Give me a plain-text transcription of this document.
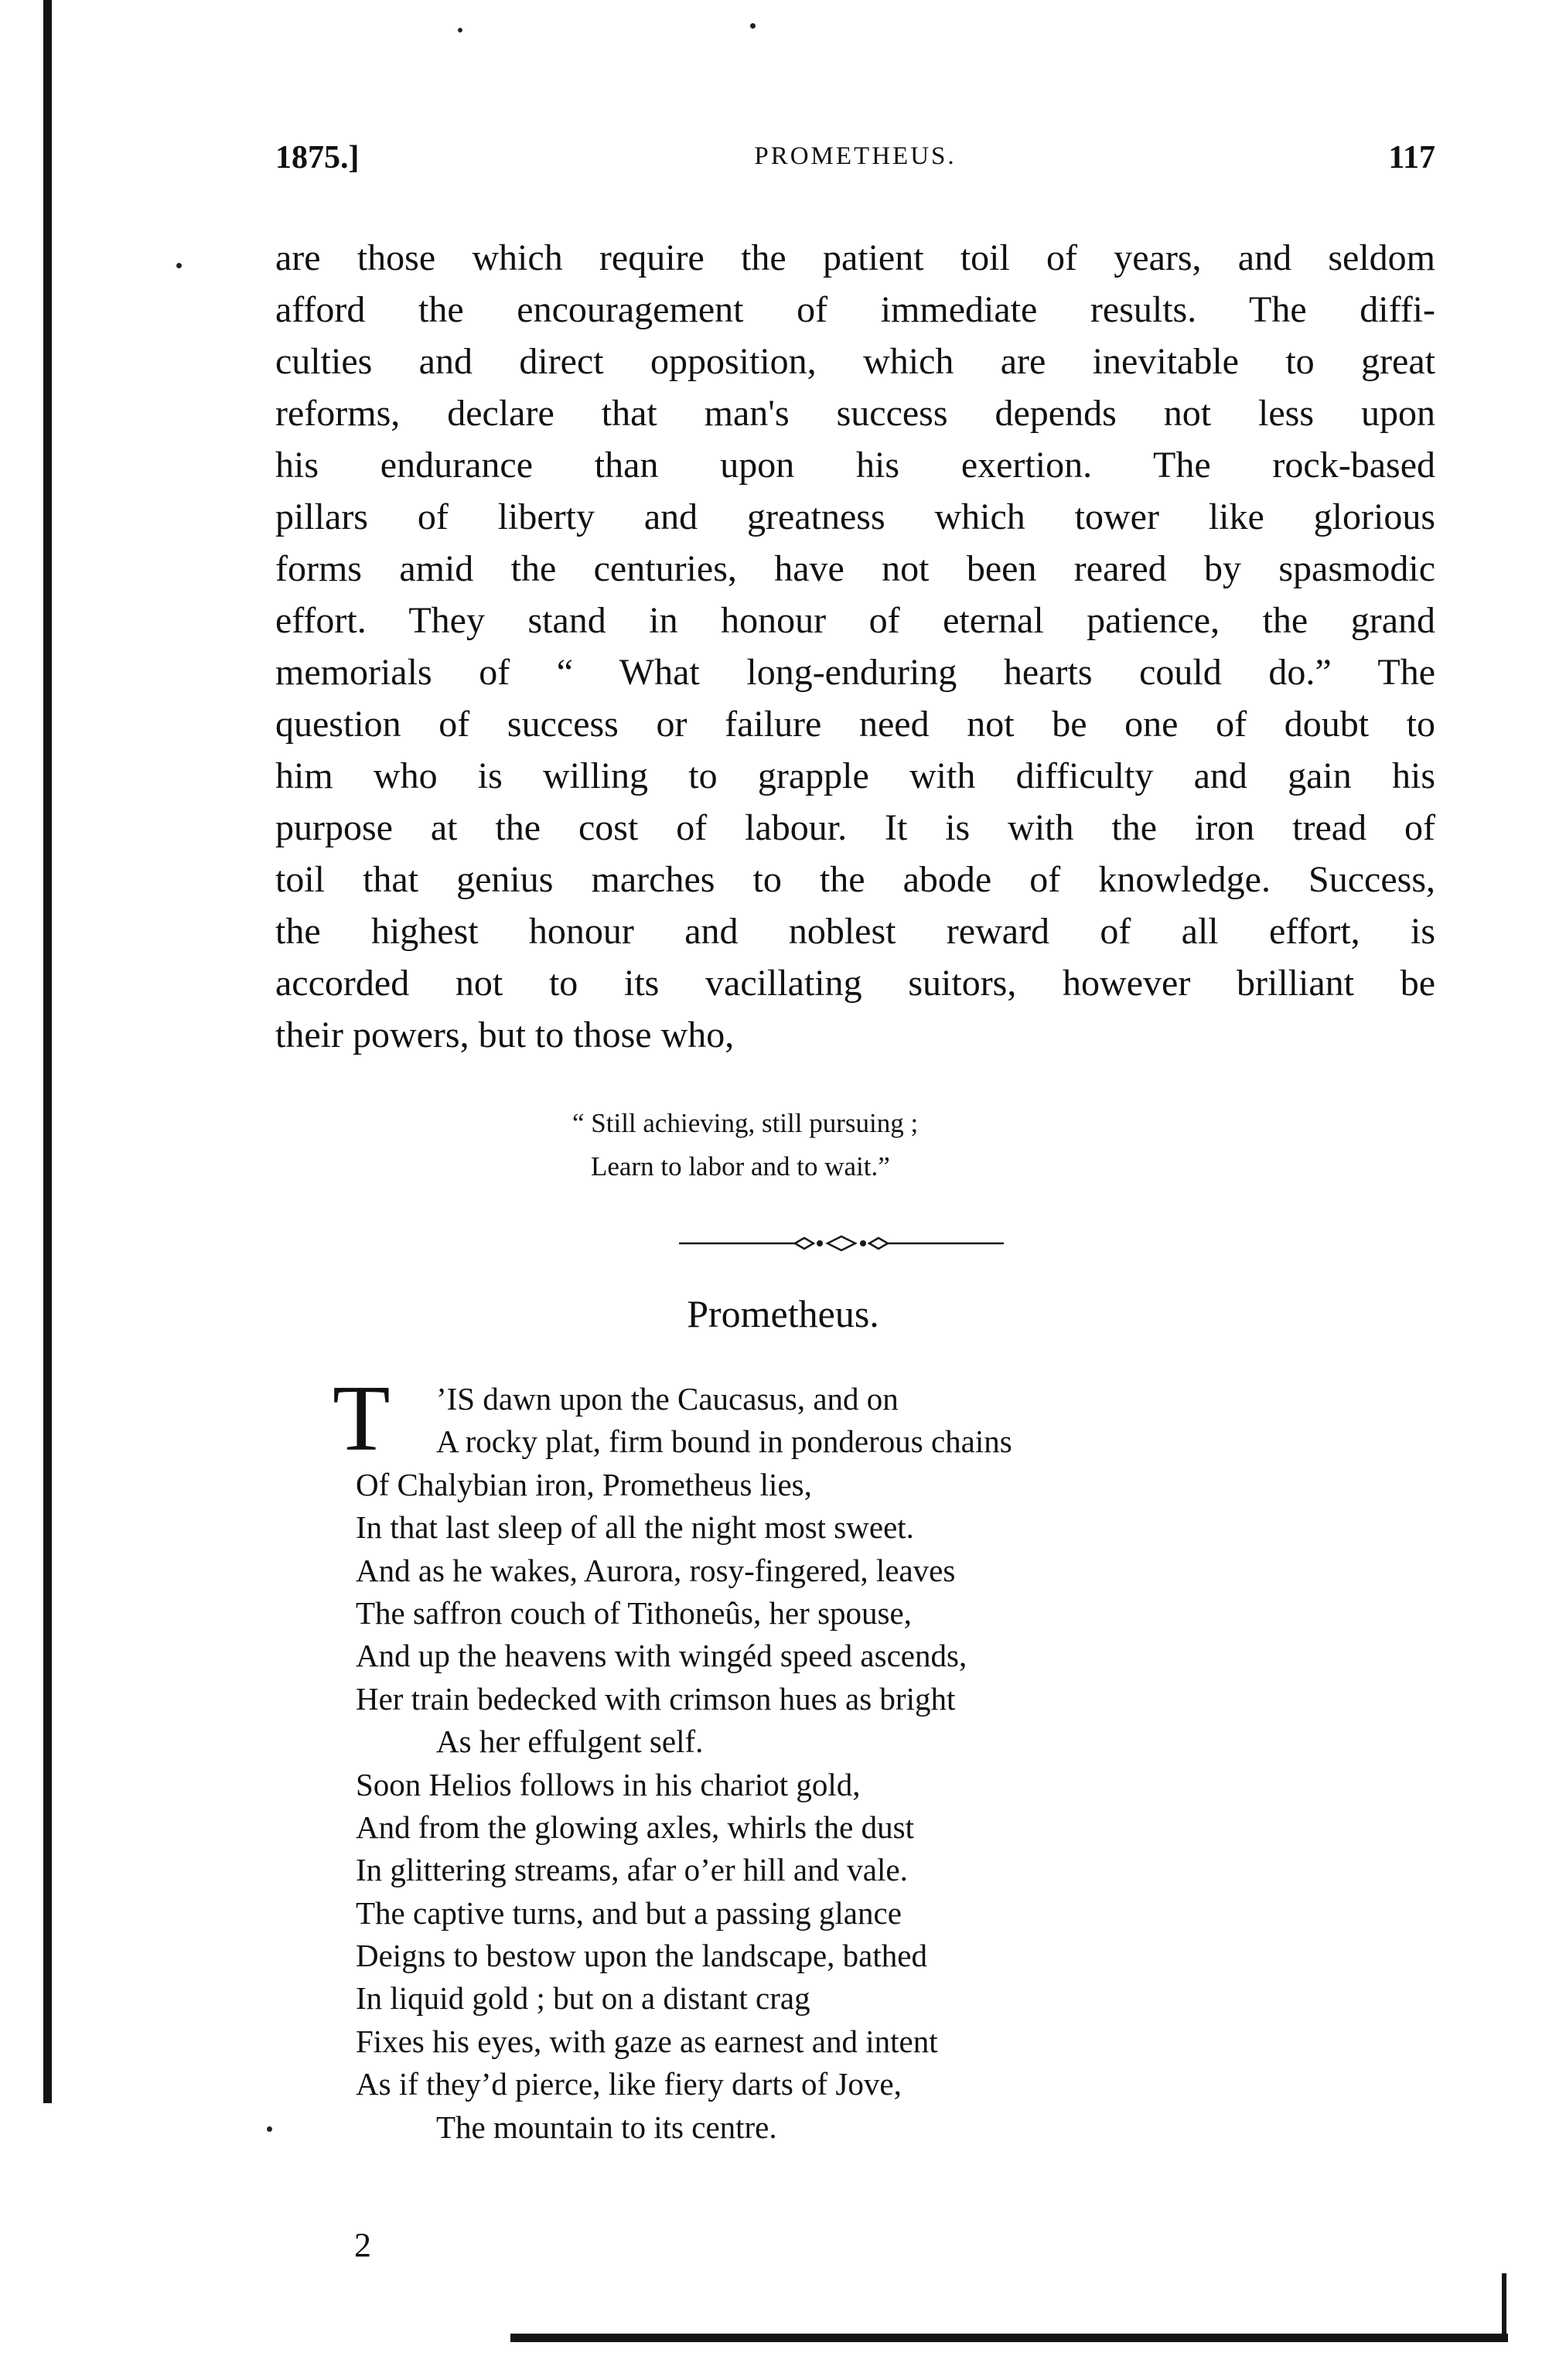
1875.]	PROMETHEUS.	117
are those which require the patient toil of years, and seldom
afford the encouragement of immediate results. The diffi-
culties and direct opposition, which are inevitable to great
reforms, declare that man's success depends not less upon
his endurance than upon his exertion. The rock-based
pillars of liberty and greatness which tower like glorious
forms amid the centuries, have not been reared by spasmodic
effort. They stand in honour of eternal patience, the grand
memorials of “ What long-enduring hearts could do.” The
question of success or failure need not be one of doubt to
him who is willing to grapple with difficulty and gain his
purpose at the cost of labour. It is with the iron tread of
toil that genius marches to the abode of knowledge. Success,
the highest honour and noblest reward of all effort, is
accorded not to its vacillating suitors, however brilliant be
their powers, but to those who,
“ Still achieving, still pursuing ;
Learn to labor and to wait.”
Prometheus.
T	’IS dawn upon the Caucasus, and on
A rocky plat, firm bound in ponderous chains
Of Chalybian iron, Prometheus lies,
In that last sleep of all the night most sweet.
And as he wakes, Aurora, rosy-fingered, leaves
The saffron couch of Tithoneûs, her spouse,
And up the heavens with wingéd speed ascends,
Her train bedecked with crimson hues as bright
As her effulgent self.
Soon Helios follows in his chariot gold,
And from the glowing axles, whirls the dust
In glittering streams, afar o’er hill and vale.
The captive turns, and but a passing glance
Deigns to bestow upon the landscape, bathed
In liquid gold ; but on a distant crag
Fixes his eyes, with gaze as earnest and intent
As if they’d pierce, like fiery darts of Jove,
The mountain to its centre.
2
